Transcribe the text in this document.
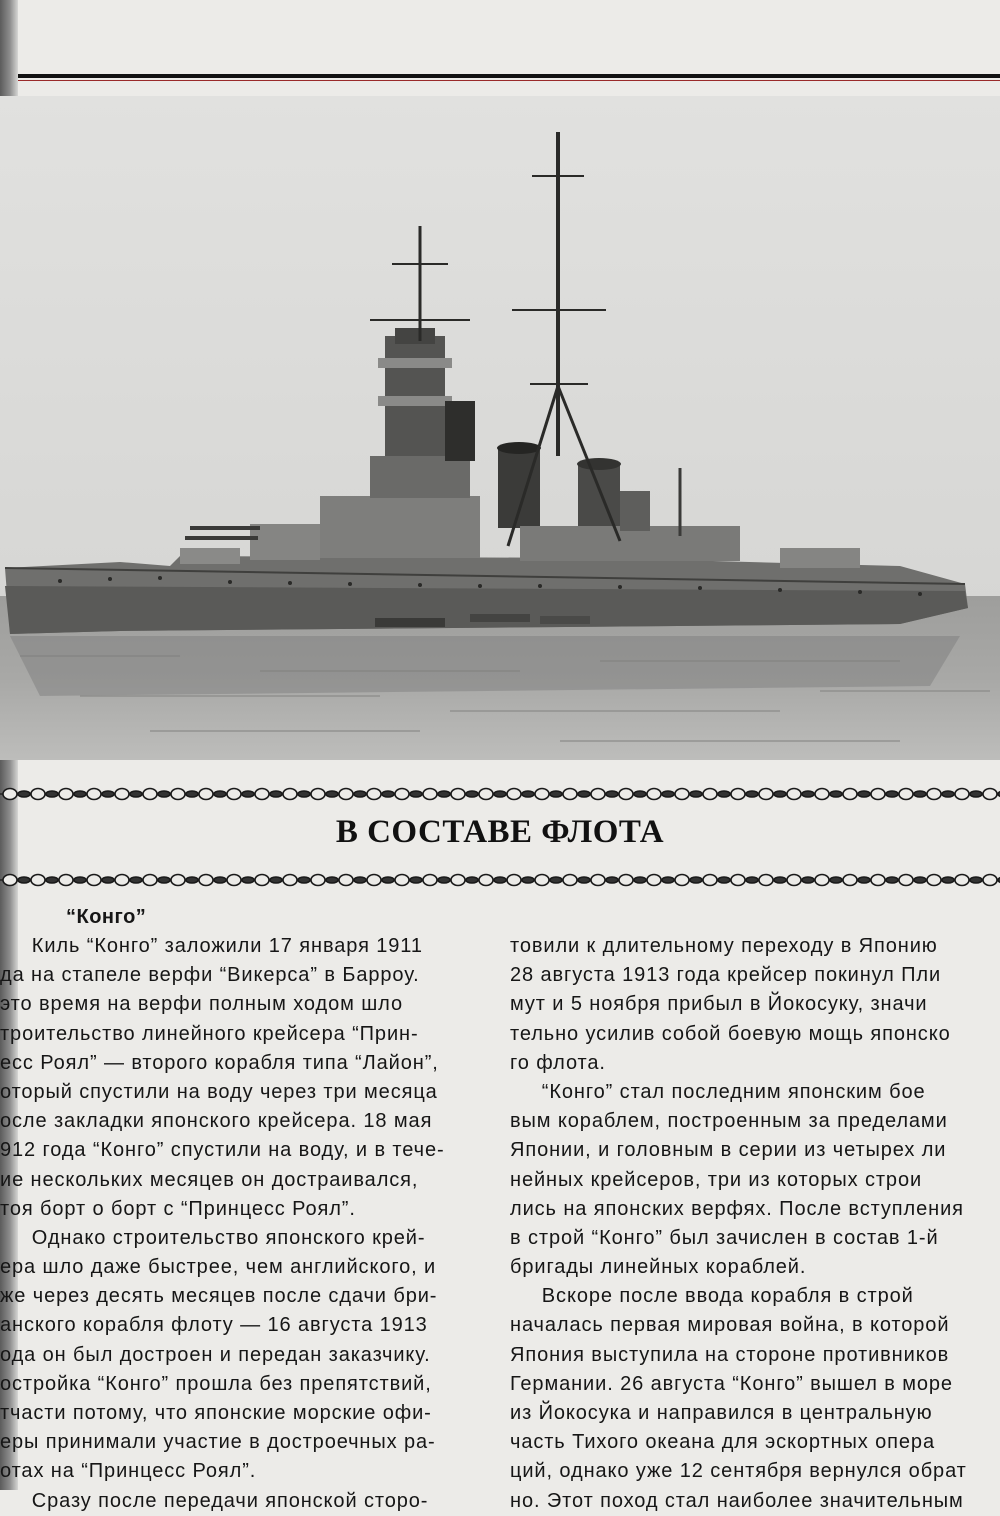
В СОСТАВЕ ФЛОТА
“Конго”
  Киль “Конго” заложили 17 января 1911
да на стапеле верфи “Викерса” в Барроу.
это время на верфи полным ходом шло
троительство линейного крейсера “Прин-
есс Роял” — второго корабля типа “Лайон”,
оторый спустили на воду через три месяца
осле закладки японского крейсера. 18 мая
912 года “Конго” спустили на воду, и в тече-
ие нескольких месяцев он достраивался,
тоя борт о борт с “Принцесс Роял”.
  Однако строительство японского крей-
ера шло даже быстрее, чем английского, и
же через десять месяцев после сдачи бри-
анского корабля флоту — 16 августа 1913
ода он был достроен и передан заказчику.
остройка “Конго” прошла без препятствий,
тчасти потому, что японские морские офи-
еры принимали участие в достроечных ра-
отах на “Принцесс Роял”.
  Сразу после передачи японской сторо-
товили к длительному переходу в Японию
28 августа 1913 года крейсер покинул Пли
мут и 5 ноября прибыл в Йокосуку, значи
тельно усилив собой боевую мощь японско
го флота.
  “Конго” стал последним японским бое
вым кораблем, построенным за пределами
Японии, и головным в серии из четырех ли
нейных крейсеров, три из которых строи
лись на японских верфях. После вступления
в строй “Конго” был зачислен в состав 1-й
бригады линейных кораблей.
  Вскоре после ввода корабля в строй
началась первая мировая война, в которой
Япония выступила на стороне противников
Германии. 26 августа “Конго” вышел в море
из Йокосука и направился в центральную
часть Тихого океана для эскортных опера
ций, однако уже 12 сентября вернулся обрат
но. Этот поход стал наиболее значительным
